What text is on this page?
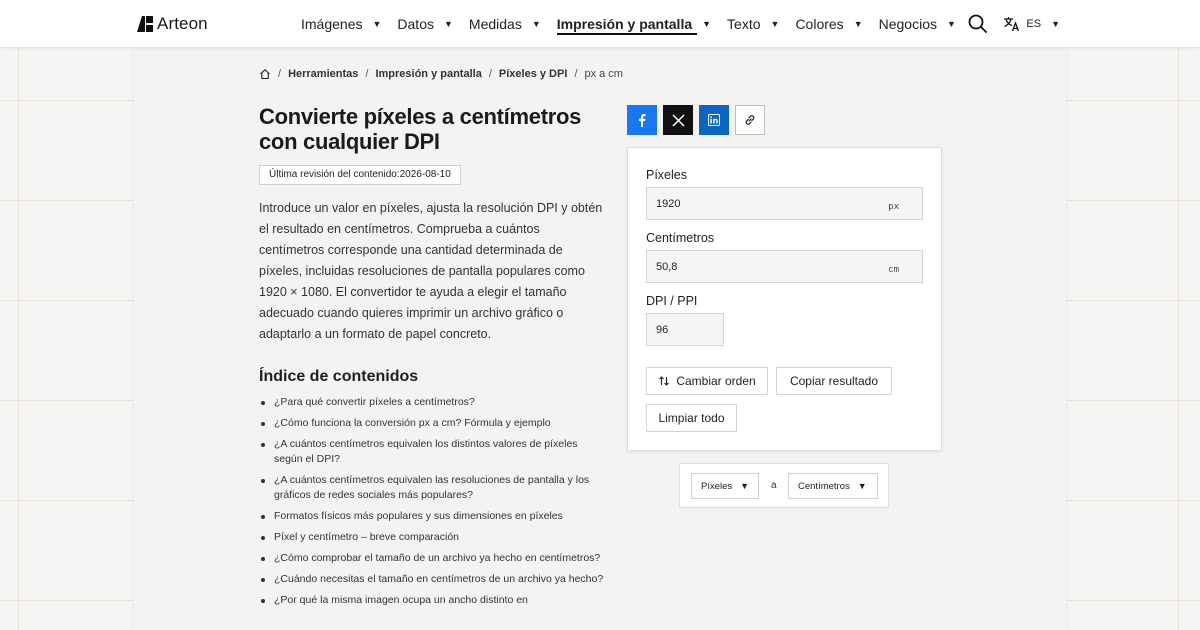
Arteon	Imágenes ▼ Datos ▼ Medidas ▼ Impresión y pantalla ▼ Texto ▼ Colores ▼ Negocios ▼	ES ▼
/ Herramientas / Impresión y pantalla / Píxeles y DPI / px a cm
Convierte píxeles a centímetros con cualquier DPI
Última revisión del contenido:2026-08-10

Introduce un valor en píxeles, ajusta la resolución DPI y obtén el resultado en centímetros. Comprueba a cuántos centímetros corresponde una cantidad determinada de píxeles, incluidas resoluciones de pantalla populares como 1920 × 1080. El convertidor te ayuda a elegir el tamaño adecuado cuando quieres imprimir un archivo gráfico o adaptarlo a un formato de papel concreto.

Índice de contenidos
¿Para qué convertir píxeles a centímetros?
¿Cómo funciona la conversión px a cm? Fórmula y ejemplo
¿A cuántos centímetros equivalen los distintos valores de píxeles según el DPI?
¿A cuántos centímetros equivalen las resoluciones de pantalla y los gráficos de redes sociales más populares?
Formatos físicos más populares y sus dimensiones en píxeles
Píxel y centímetro – breve comparación
¿Cómo comprobar el tamaño de un archivo ya hecho en centímetros?
¿Cuándo necesitas el tamaño en centímetros de un archivo ya hecho?
¿Por qué la misma imagen ocupa un ancho distinto en
Píxeles
1920
px
Centímetros
50,8
cm
DPI / PPI
96
Cambiar orden	Copiar resultado
Limpiar todo
Píxeles ▼ a Centímetros ▼
